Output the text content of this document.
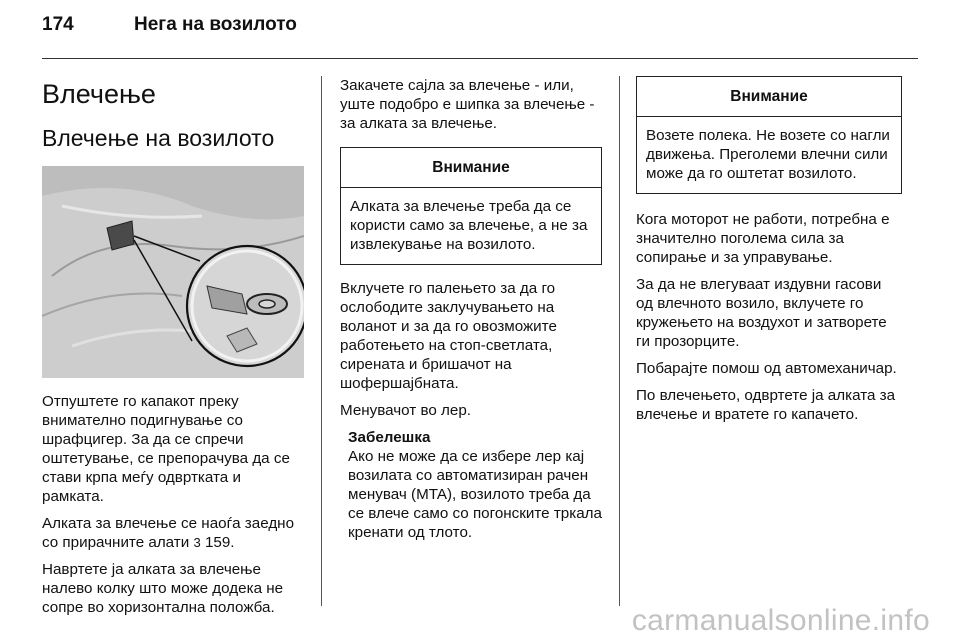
174	Нега на возилото
Влечење
Влечење на возилото

Отпуштете го капакот преку внимателно подигнување со шрафцигер. За да се спречи оштетување, се препорачува да се стави крпа меѓу одвртката и рамката.

Алката за влечење се наоѓа заедно со прирачните алати 3 159.

Навртете ја алката за влечење налево колку што може додека не сопре во хоризонтална положба.

Закачете сајла за влечење - или, уште подобро е шипка за влечење - за алката за влечење.

Внимание
Алката за влечење треба да се користи само за влечење, а не за извлекување на возилото.

Вклучете го палењето за да го ослободите заклучувањето на воланот и за да го овозможите работењето на стоп-светлата, сирената и бришачот на шофершајбната.

Менувачот во лер.

Забелешка
Ако не може да се избере лер кај возилата со автоматизиран рачен менувач (MTA), возилото треба да се влече само со погонските тркала кренати од тлото.
Внимание
Возете полека. Не возете со нагли движења. Преголеми влечни сили може да го оштетат возилото.

Кога моторот не работи, потребна е значително поголема сила за сопирање и за управување.

За да не влегуваат издувни гасови од влечното возило, вклучете го кружењето на воздухот и затворете ги прозорците.

Побарајте помош од автомеханичар.

По влечењето, одвртете ја алката за влечење и вратете го капачето.

carmanualsonline.info
